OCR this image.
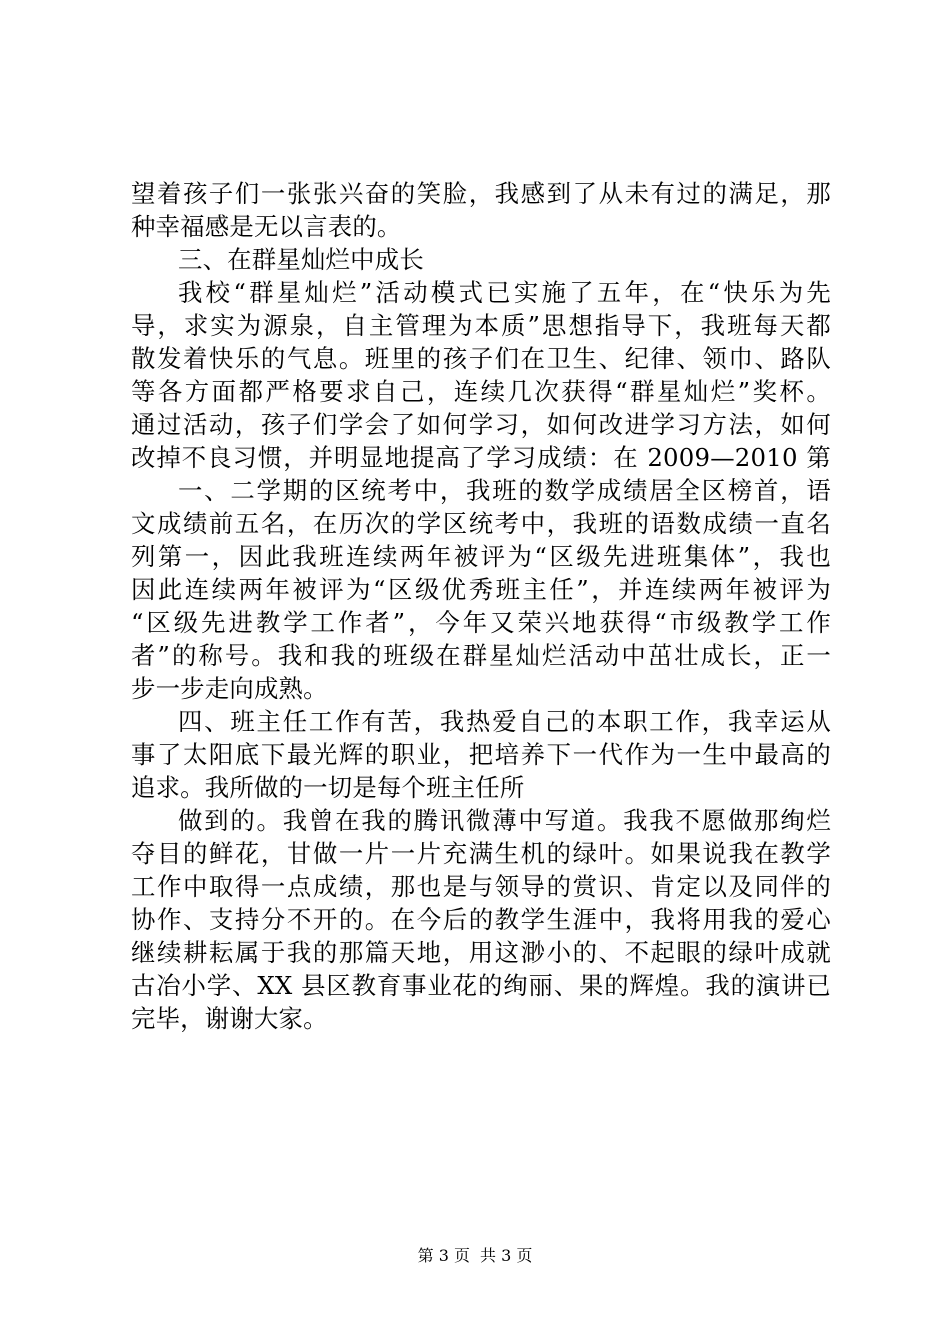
望着孩子们一张张兴奋的笑脸，我感到了从未有过的满足，那
种幸福感是无以言表的。
三、在群星灿烂中成长
我校“群星灿烂”活动模式已实施了五年，在“快乐为先
导，求实为源泉，自主管理为本质”思想指导下，我班每天都
散发着快乐的气息。班里的孩子们在卫生、纪律、领巾、路队
等各方面都严格要求自己，连续几次获得“群星灿烂”奖杯。
通过活动，孩子们学会了如何学习，如何改进学习方法，如何
改掉不良习惯，并明显地提高了学习成绩：在 2009—2010 第
一、二学期的区统考中，我班的数学成绩居全区榜首，语
文成绩前五名，在历次的学区统考中，我班的语数成绩一直名
列第一，因此我班连续两年被评为“区级先进班集体”，我也
因此连续两年被评为“区级优秀班主任”，并连续两年被评为
“区级先进教学工作者”，今年又荣兴地获得“市级教学工作
者”的称号。我和我的班级在群星灿烂活动中茁壮成长，正一
步一步走向成熟。
四、班主任工作有苦，我热爱自己的本职工作，我幸运从
事了太阳底下最光辉的职业，把培养下一代作为一生中最高的
追求。我所做的一切是每个班主任所
做到的。我曾在我的腾讯微薄中写道。我我不愿做那绚烂
夺目的鲜花，甘做一片一片充满生机的绿叶。如果说我在教学
工作中取得一点成绩，那也是与领导的赏识、肯定以及同伴的
协作、支持分不开的。在今后的教学生涯中，我将用我的爱心
继续耕耘属于我的那篇天地，用这渺小的、不起眼的绿叶成就
古冶小学、XX 县区教育事业花的绚丽、果的辉煌。我的演讲已
完毕，谢谢大家。
第 3 页 共 3 页
